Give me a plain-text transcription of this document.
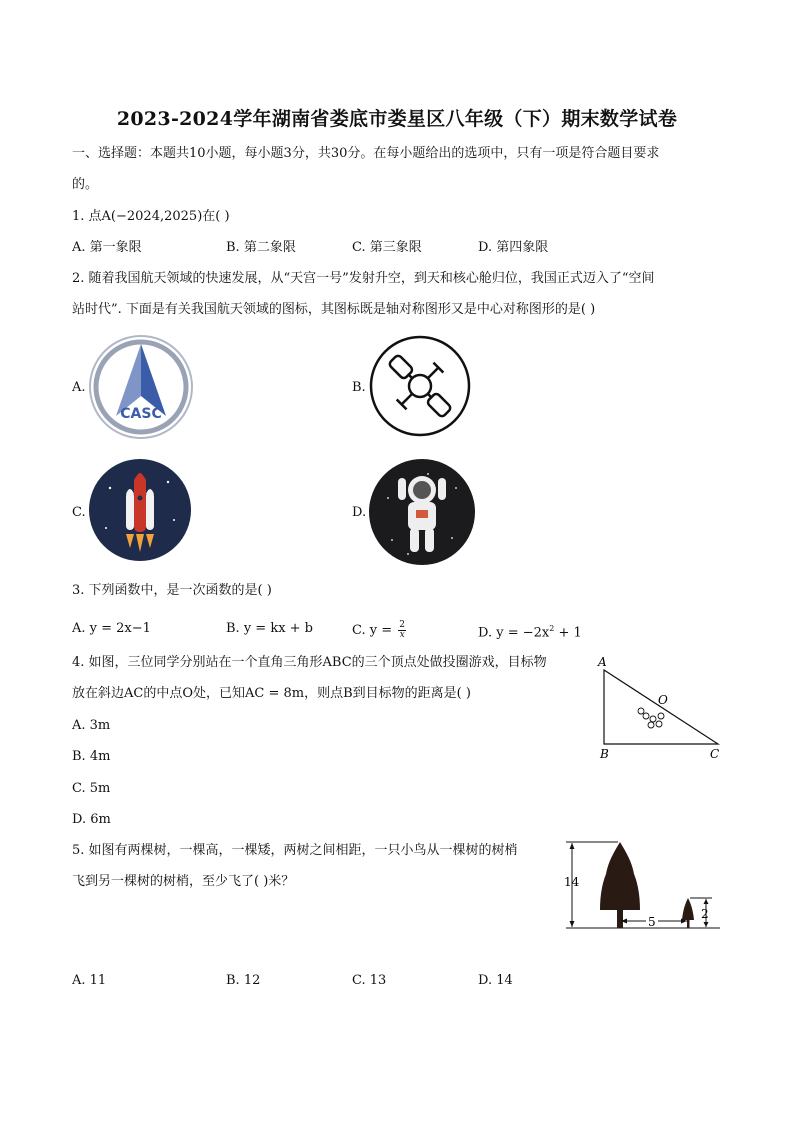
2023-2024学年湖南省娄底市娄星区八年级（下）期末数学试卷
一、选择题：本题共10小题，每小题3分，共30分。在每小题给出的选项中，只有一项是符合题目要求
的。
1. 点A(−2024,2025)在( )
A. 第一象限	B. 第二象限	C. 第三象限	D. 第四象限
2. 随着我国航天领域的快速发展，从“天宫一号”发射升空，到天和核心舱归位，我国正式迈入了“空间
站时代”. 下面是有关我国航天领域的图标，其图标既是轴对称图形又是中心对称图形的是( )
A.
CASC
B.
C.	D.
3. 下列函数中，是一次函数的是( )
A. y = 2x−1	B. y = kx + b	C. $y = \frac{2}{x}$	D. $y = -2x^2 + 1$
4. 如图，三位同学分别站在一个直角三角形ABC的三个顶点处做投圈游戏，目标物
放在斜边AC的中点O处，已知AC = 8m，则点B到目标物的距离是( )
A. 3m
B. 4m
C. 5m
D. 6m
A
B	C
O
5. 如图有两棵树，一棵高，一棵矮，两树之间相距，一只小鸟从一棵树的树梢
飞到另一棵树的树梢，至少飞了( )米？	14
5
2
A. 11	B. 12	C. 13	D. 14
